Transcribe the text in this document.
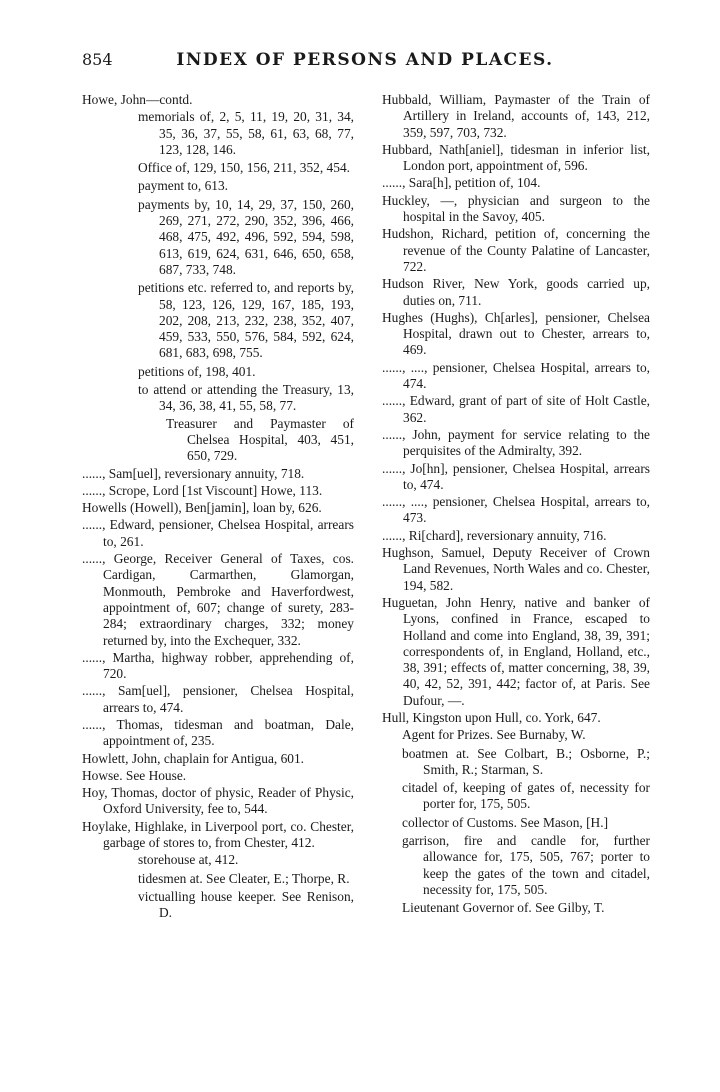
854	INDEX OF PERSONS AND PLACES.

Howe, John—contd.

memorials of, 2, 5, 11, 19, 20, 31, 34, 35, 36, 37, 55, 58, 61, 63, 68, 77, 123, 128, 146.

Office of, 129, 150, 156, 211, 352, 454.

payment to, 613.

payments by, 10, 14, 29, 37, 150, 260, 269, 271, 272, 290, 352, 396, 466, 468, 475, 492, 496, 592, 594, 598, 613, 619, 624, 631, 646, 650, 658, 687, 733, 748.

petitions etc. referred to, and reports by, 58, 123, 126, 129, 167, 185, 193, 202, 208, 213, 232, 238, 352, 407, 459, 533, 550, 576, 584, 592, 624, 681, 683, 698, 755.

petitions of, 198, 401.

to attend or attending the Treasury, 13, 34, 36, 38, 41, 55, 58, 77.

Treasurer and Paymaster of Chelsea Hospital, 403, 451, 650, 729.

......, Sam[uel], reversionary annuity, 718.

......, Scrope, Lord [1st Viscount] Howe, 113.

Howells (Howell), Ben[jamin], loan by, 626.

......, Edward, pensioner, Chelsea Hospital, arrears to, 261.

......, George, Receiver General of Taxes, cos. Cardigan, Carmarthen, Glamorgan, Monmouth, Pembroke and Haverfordwest, appointment of, 607; change of surety, 283-284; extraordinary charges, 332; money returned by, into the Exchequer, 332.

......, Martha, highway robber, apprehending of, 720.

......, Sam[uel], pensioner, Chelsea Hospital, arrears to, 474.

......, Thomas, tidesman and boatman, Dale, appointment of, 235.

Howlett, John, chaplain for Antigua, 601.

Howse. See House.

Hoy, Thomas, doctor of physic, Reader of Physic, Oxford University, fee to, 544.

Hoylake, Highlake, in Liverpool port, co. Chester, garbage of stores to, from Chester, 412.

storehouse at, 412.

tidesmen at. See Cleater, E.; Thorpe, R.

victualling house keeper. See Renison, D.

Hubbald, William, Paymaster of the Train of Artillery in Ireland, accounts of, 143, 212, 359, 597, 703, 732.

Hubbard, Nath[aniel], tidesman in inferior list, London port, appointment of, 596.

......, Sara[h], petition of, 104.

Huckley, —, physician and surgeon to the hospital in the Savoy, 405.

Hudshon, Richard, petition of, concerning the revenue of the County Palatine of Lancaster, 722.

Hudson River, New York, goods carried up, duties on, 711.

Hughes (Hughs), Ch[arles], pensioner, Chelsea Hospital, drawn out to Chester, arrears to, 469.

......, ...., pensioner, Chelsea Hospital, arrears to, 474.

......, Edward, grant of part of site of Holt Castle, 362.

......, John, payment for service relating to the perquisites of the Admiralty, 392.

......, Jo[hn], pensioner, Chelsea Hospital, arrears to, 474.

......, ...., pensioner, Chelsea Hospital, arrears to, 473.

......, Ri[chard], reversionary annuity, 716.

Hughson, Samuel, Deputy Receiver of Crown Land Revenues, North Wales and co. Chester, 194, 582.

Huguetan, John Henry, native and banker of Lyons, confined in France, escaped to Holland and come into England, 38, 39, 391; correspondents of, in England, Holland, etc., 38, 391; effects of, matter concerning, 38, 39, 40, 42, 52, 391, 442; factor of, at Paris. See Dufour, —.

Hull, Kingston upon Hull, co. York, 647.

Agent for Prizes. See Burnaby, W.

boatmen at. See Colbart, B.; Osborne, P.; Smith, R.; Starman, S.

citadel of, keeping of gates of, necessity for porter for, 175, 505.

collector of Customs. See Mason, [H.]

garrison, fire and candle for, further allowance for, 175, 505, 767; porter to keep the gates of the town and citadel, necessity for, 175, 505.

Lieutenant Governor of. See Gilby, T.
